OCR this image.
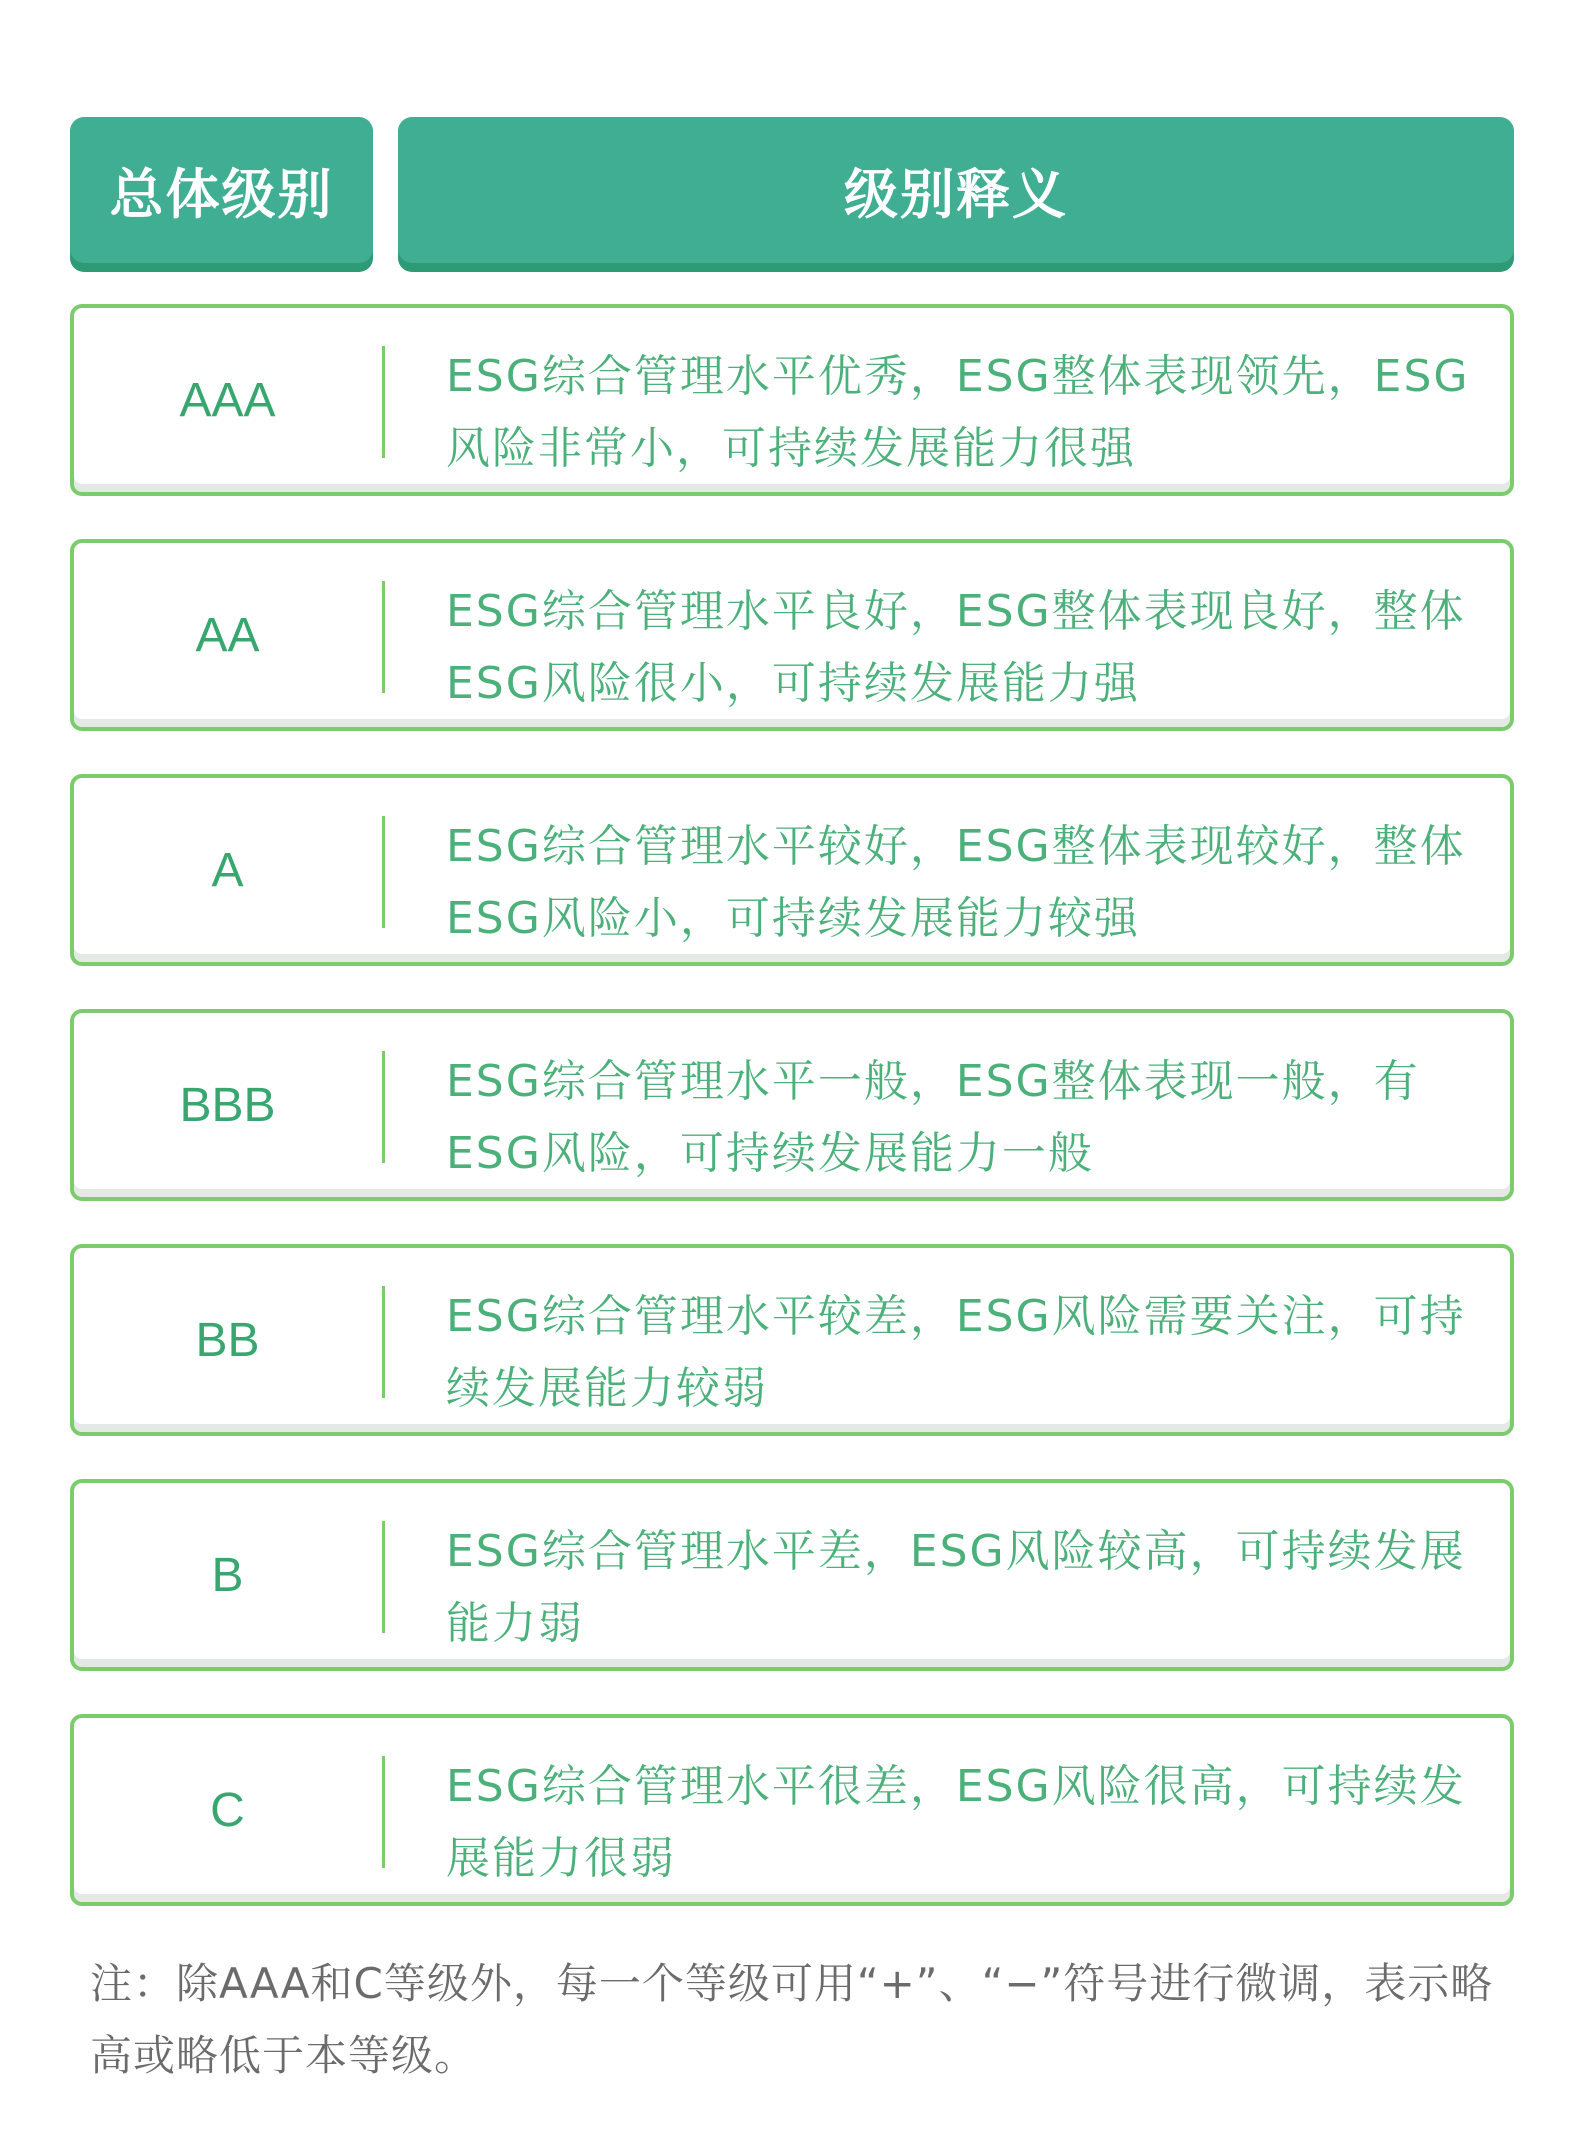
总体级别	级别释义
AAA	ESG综合管理水平优秀，ESG整体表现领先，ESG风险非常小，可持续发展能力很强
AA	ESG综合管理水平良好，ESG整体表现良好，整体ESG风险很小，可持续发展能力强
A	ESG综合管理水平较好，ESG整体表现较好，整体ESG风险小，可持续发展能力较强
BBB	ESG综合管理水平一般，ESG整体表现一般，有ESG风险，可持续发展能力一般
BB	ESG综合管理水平较差，ESG风险需要关注，可持续发展能力较弱
B	ESG综合管理水平差，ESG风险较高，可持续发展能力弱
C	ESG综合管理水平很差，ESG风险很高，可持续发展能力很弱
注：除AAA和C等级外，每一个等级可用“+”、“−”符号进行微调，表示略高或略低于本等级。
